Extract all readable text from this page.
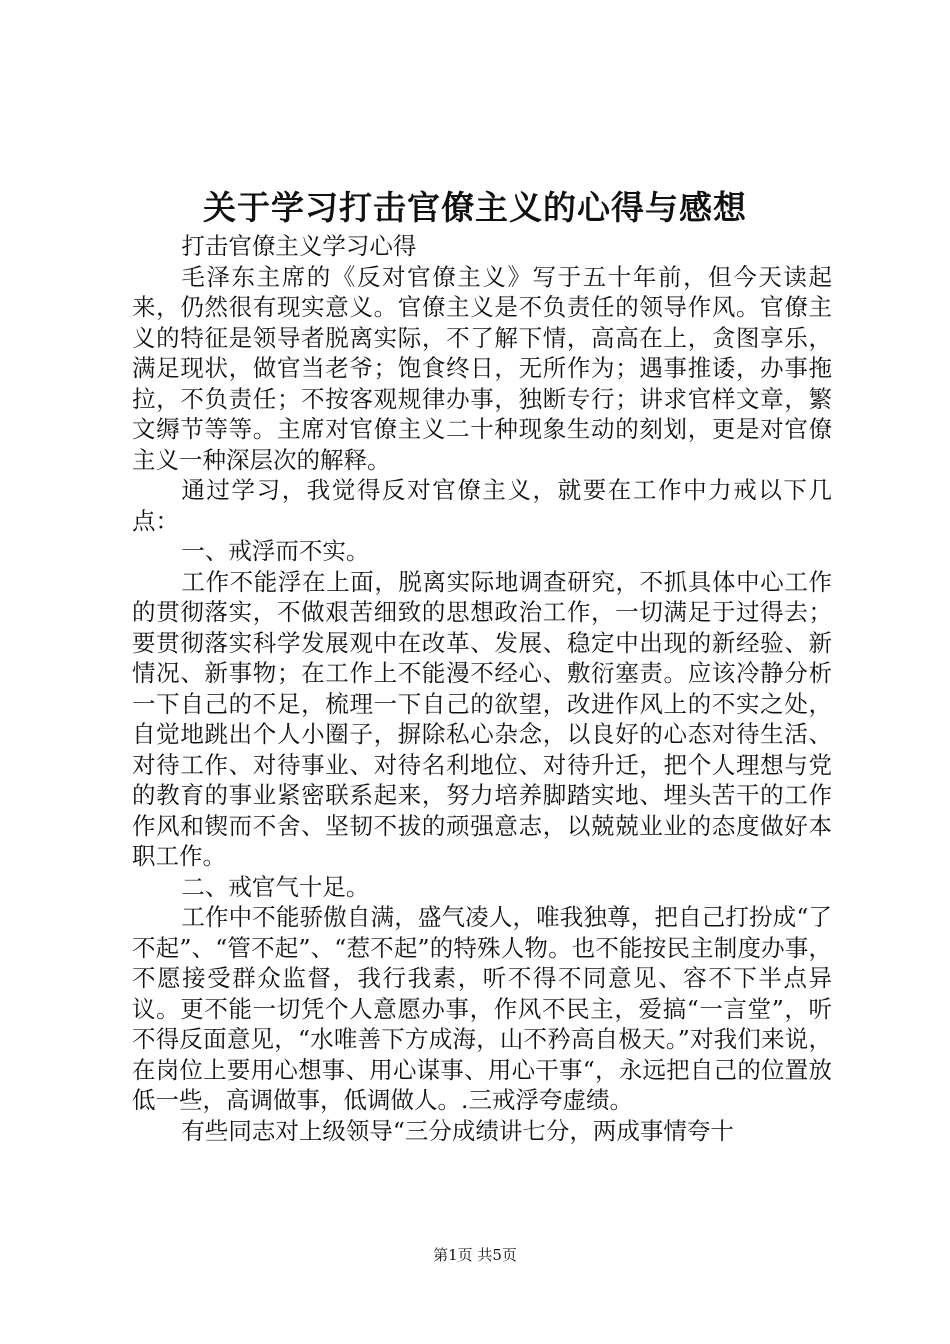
关于学习打击官僚主义的心得与感想

打击官僚主义学习心得

毛泽东主席的《反对官僚主义》写于五十年前，但今天读起来，仍然很有现实意义。官僚主义是不负责任的领导作风。官僚主义的特征是领导者脱离实际，不了解下情，高高在上，贪图享乐，满足现状，做官当老爷；饱食终日，无所作为；遇事推诿，办事拖拉，不负责任；不按客观规律办事，独断专行；讲求官样文章，繁文缛节等等。主席对官僚主义二十种现象生动的刻划，更是对官僚主义一种深层次的解释。

通过学习，我觉得反对官僚主义，就要在工作中力戒以下几点：

一、戒浮而不实。

工作不能浮在上面，脱离实际地调查研究，不抓具体中心工作的贯彻落实，不做艰苦细致的思想政治工作，一切满足于过得去；要贯彻落实科学发展观中在改革、发展、稳定中出现的新经验、新情况、新事物；在工作上不能漫不经心、敷衍塞责。应该冷静分析一下自己的不足，梳理一下自己的欲望，改进作风上的不实之处，自觉地跳出个人小圈子，摒除私心杂念，以良好的心态对待生活、对待工作、对待事业、对待名利地位、对待升迁，把个人理想与党的教育的事业紧密联系起来，努力培养脚踏实地、埋头苦干的工作作风和锲而不舍、坚韧不拔的顽强意志，以兢兢业业的态度做好本职工作。

二、戒官气十足。

工作中不能骄傲自满，盛气凌人，唯我独尊，把自己打扮成“了不起”、“管不起”、“惹不起”的特殊人物。也不能按民主制度办事，不愿接受群众监督，我行我素，听不得不同意见、容不下半点异议。更不能一切凭个人意愿办事，作风不民主，爱搞“一言堂”，听不得反面意见，“水唯善下方成海，山不矜高自极天。”对我们来说，在岗位上要用心想事、用心谋事、用心干事“，永远把自己的位置放低一些，高调做事，低调做人。.三戒浮夸虚绩。

有些同志对上级领导“三分成绩讲七分，两成事情夸十

第1页 共5页
